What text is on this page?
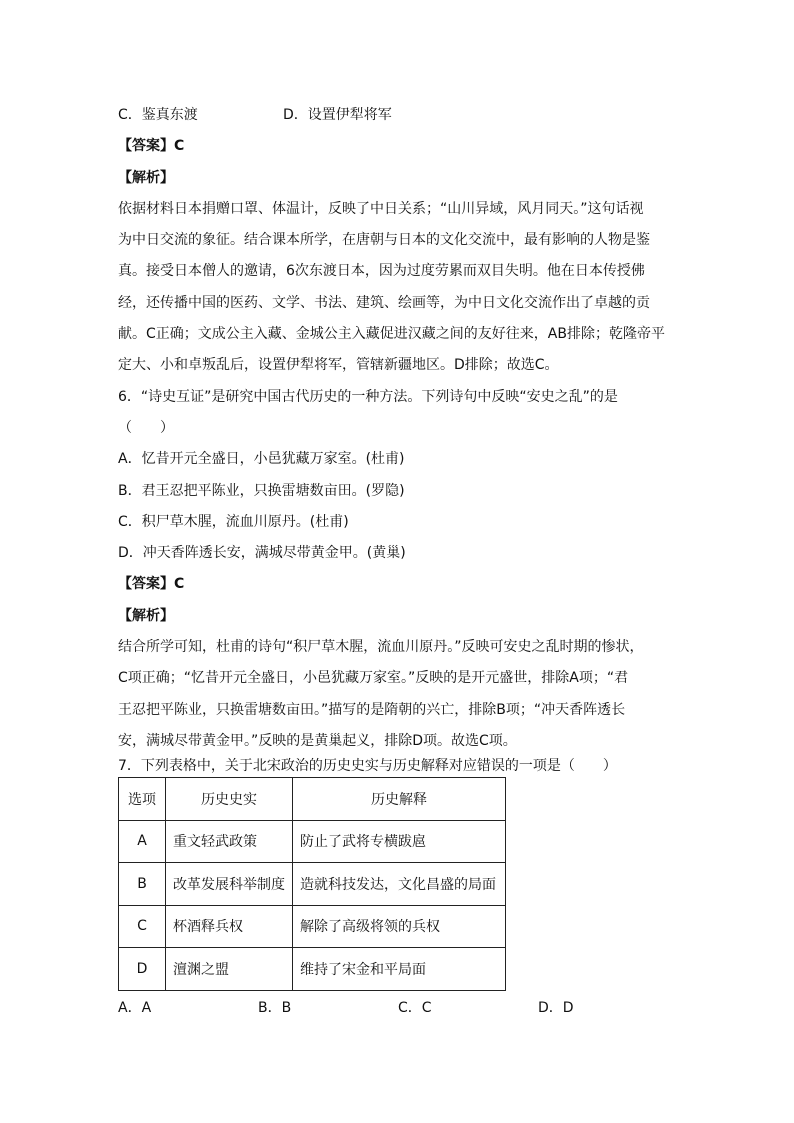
C．鉴真东渡	D．设置伊犁将军
【答案】C
【解析】
依据材料日本捐赠口罩、体温计，反映了中日关系；“山川异域，风月同天。”这句话视
为中日交流的象征。结合课本所学，在唐朝与日本的文化交流中，最有影响的人物是鉴
真。接受日本僧人的邀请，6次东渡日本，因为过度劳累而双目失明。他在日本传授佛
经，还传播中国的医药、文学、书法、建筑、绘画等，为中日文化交流作出了卓越的贡
献。C正确；文成公主入藏、金城公主入藏促进汉藏之间的友好往来，AB排除；乾隆帝平
定大、小和卓叛乱后，设置伊犁将军，管辖新疆地区。D排除；故选C。
6．“诗史互证”是研究中国古代历史的一种方法。下列诗句中反映“安史之乱”的是
（　　）
A．忆昔开元全盛日，小邑犹藏万家室。(杜甫)
B．君王忍把平陈业，只换雷塘数亩田。(罗隐)
C．积尸草木腥，流血川原丹。(杜甫)
D．冲天香阵透长安，满城尽带黄金甲。(黄巢)
【答案】C
【解析】
结合所学可知，杜甫的诗句“积尸草木腥，流血川原丹。”反映可安史之乱时期的惨状，
C项正确；“忆昔开元全盛日，小邑犹藏万家室。”反映的是开元盛世，排除A项；“君
王忍把平陈业，只换雷塘数亩田。”描写的是隋朝的兴亡，排除B项；“冲天香阵透长
安，满城尽带黄金甲。”反映的是黄巢起义，排除D项。故选C项。
7．下列表格中，关于北宋政治的历史史实与历史解释对应错误的一项是（　　）
选项	历史史实	历史解释
A	重文轻武政策	防止了武将专横跋扈
B	改革发展科举制度	造就科技发达，文化昌盛的局面
C	杯酒释兵权	解除了高级将领的兵权
D	澶渊之盟	维持了宋金和平局面
A．A	B．B	C．C	D．D
